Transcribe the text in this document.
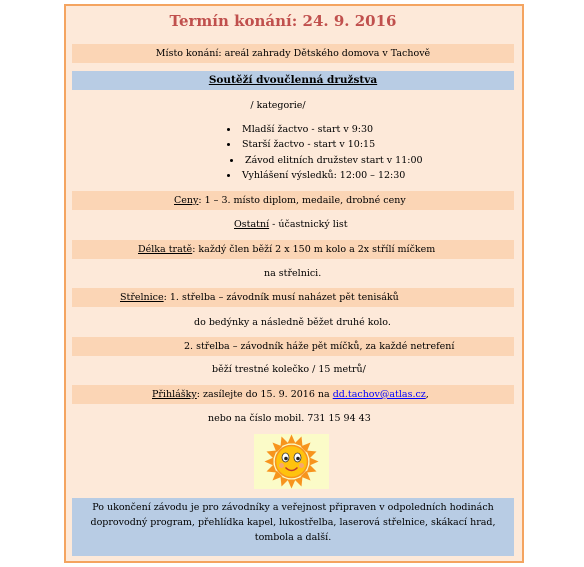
Termín konání: 24. 9. 2016
Místo konání: areál zahrady Dětského domova v Tachově
Soutěží dvoučlenná družstva
/ kategorie/
Mladší žactvo - start v 9:30
Starší žactvo - start v 10:15
Závod elitních družstev start v 11:00
Vyhlášení výsledků: 12:00 – 12:30
Ceny: 1 – 3. místo diplom, medaile, drobné ceny
Ostatní - účastnický list
Délka tratě: každý člen běží 2 x 150 m kolo a 2x střílí míčkem
na střelnici.
Střelnice: 1. střelba – závodník musí naházet pět tenisáků
do bedýnky a následně běžet druhé kolo.
2. střelba – závodník háže pět míčků, za každé netrefení
běží trestné kolečko / 15 metrů/
Přihlášky: zasílejte do 15. 9. 2016 na dd.tachov@atlas.cz,
nebo na číslo mobil. 731 15 94 43
Po ukončení závodu je pro závodníky a veřejnost připraven v odpoledních hodinách doprovodný program, přehlídka kapel, lukostřelba, laserová střelnice, skákací hrad, tombola a další.
